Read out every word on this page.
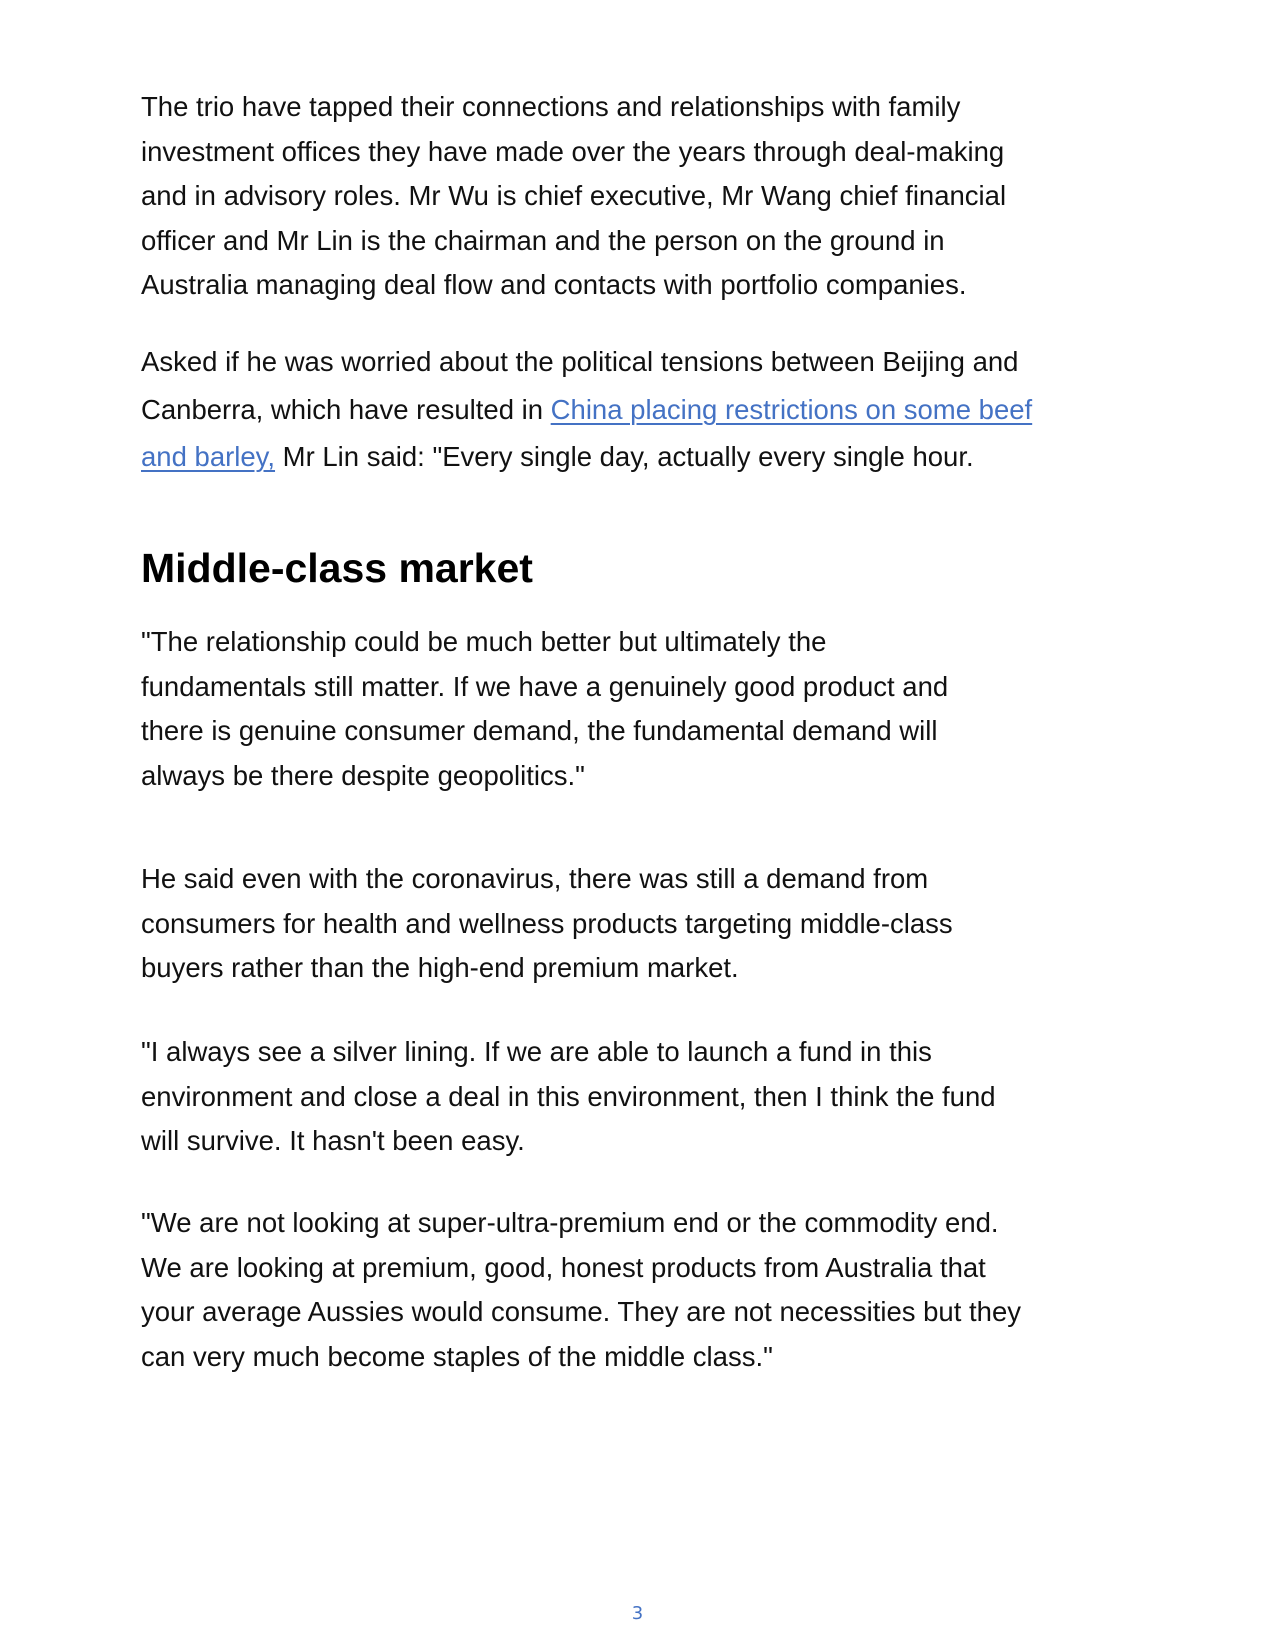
The trio have tapped their connections and relationships with family
investment offices they have made over the years through deal-making
and in advisory roles. Mr Wu is chief executive, Mr Wang chief financial
officer and Mr Lin is the chairman and the person on the ground in
Australia managing deal flow and contacts with portfolio companies.

Asked if he was worried about the political tensions between Beijing and
Canberra, which have resulted in China placing restrictions on some beef
and barley, Mr Lin said: "Every single day, actually every single hour.

Middle-class market

"The relationship could be much better but ultimately the
fundamentals still matter. If we have a genuinely good product and
there is genuine consumer demand, the fundamental demand will
always be there despite geopolitics."

He said even with the coronavirus, there was still a demand from
consumers for health and wellness products targeting middle-class
buyers rather than the high-end premium market.

"I always see a silver lining. If we are able to launch a fund in this
environment and close a deal in this environment, then I think the fund
will survive. It hasn't been easy.

"We are not looking at super-ultra-premium end or the commodity end.
We are looking at premium, good, honest products from Australia that
your average Aussies would consume. They are not necessities but they
can very much become staples of the middle class."

3
